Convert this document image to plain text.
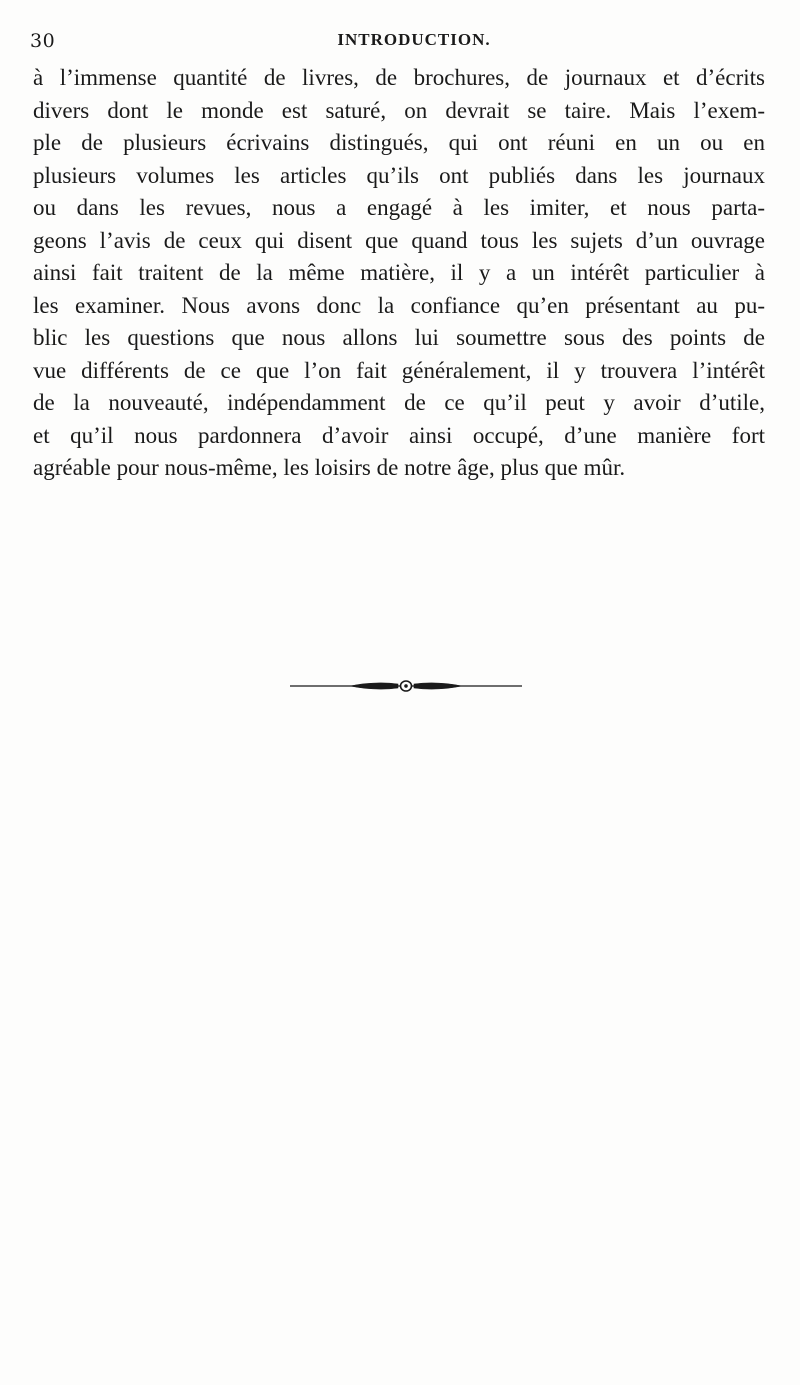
30	INTRODUCTION.

à l’immense quantité de livres, de brochures, de journaux et d’écrits
divers dont le monde est saturé, on devrait se taire. Mais l’exem-
ple de plusieurs écrivains distingués, qui ont réuni en un ou en
plusieurs volumes les articles qu’ils ont publiés dans les journaux
ou dans les revues, nous a engagé à les imiter, et nous parta-
geons l’avis de ceux qui disent que quand tous les sujets d’un ouvrage
ainsi fait traitent de la même matière, il y a un intérêt particulier à
les examiner. Nous avons donc la confiance qu’en présentant au pu-
blic les questions que nous allons lui soumettre sous des points de
vue différents de ce que l’on fait généralement, il y trouvera l’intérêt
de la nouveauté, indépendamment de ce qu’il peut y avoir d’utile,
et qu’il nous pardonnera d’avoir ainsi occupé, d’une manière fort
agréable pour nous-même, les loisirs de notre âge, plus que mûr.
